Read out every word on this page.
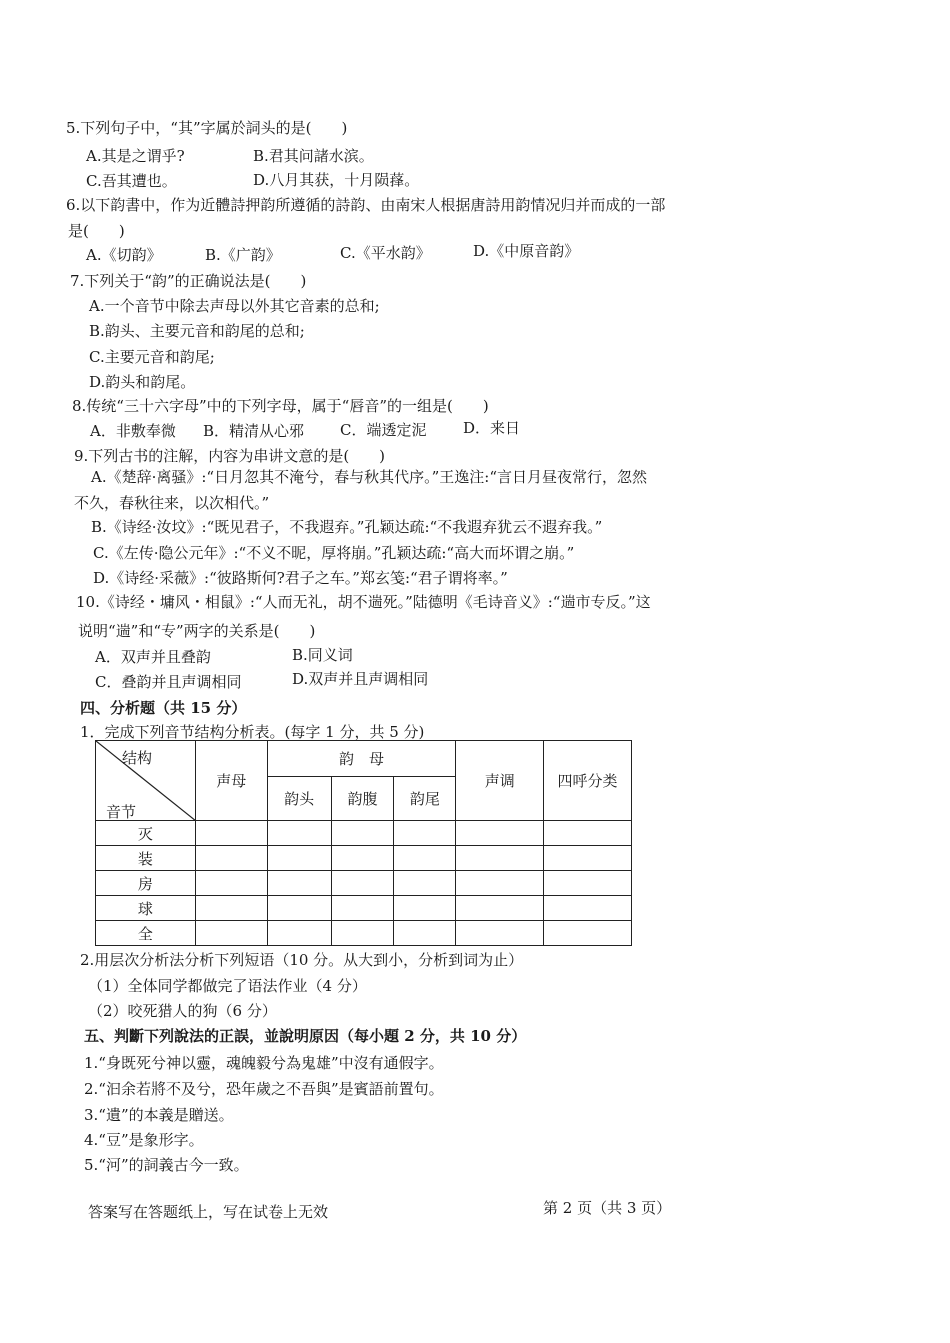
5.下列句子中，“其”字属於詞头的是(　　)
A.其是之谓乎?	B.君其问諸水滨。
C.吾其遭也。	D.八月其获，十月陨萚。
6.以下韵書中，作为近體詩押韵所遵循的詩韵、由南宋人根据唐詩用韵情况归并而成的一部
是(　　)
A.《切韵》	B.《广韵》	C.《平水韵》	D.《中原音韵》
7.下列关于“韵”的正确说法是(　　)
A.一个音节中除去声母以外其它音素的总和;
B.韵头、主要元音和韵尾的总和;
C.主要元音和韵尾;
D.韵头和韵尾。
8.传统“三十六字母”中的下列字母，属于“唇音”的一组是(　　)
A．非敷奉微 B．精清从心邪 C．端透定泥 D．来日
9.下列古书的注解，内容为串讲文意的是(　　)
A.《楚辞·离骚》:“日月忽其不淹兮，春与秋其代序。”王逸注:“言日月昼夜常行，忽然
不久，春秋往来，以次相代。”
B.《诗经·汝坟》:“既见君子，不我遐弃。”孔颖达疏:“不我遐弃犹云不遐弃我。”
C.《左传·隐公元年》:“不义不昵，厚将崩。”孔颖达疏:“高大而坏谓之崩。”
D.《诗经·采薇》:“彼路斯何?君子之车。”郑玄笺:“君子谓将率。”
10.《诗经・墉风・相鼠》:“人而无礼，胡不遄死。”陆德明《毛诗音义》:“遄市专反。”这
说明“遄”和“专”两字的关系是(　　)
A．双声并且叠韵	B.同义词
C．叠韵并且声调相同	D.双声并且声调相同
四、分析题（共 15 分）
1．完成下列音节结构分析表。(每字 1 分，共 5 分)
结构
音节	声母	韵　母			声调	四呼分类
		韵头	韵腹	韵尾		
灭						
装						
房						
球						
全						
2.用层次分析法分析下列短语（10 分。从大到小，分析到词为止）
（1）全体同学都做完了语法作业（4 分）
（2）咬死猎人的狗（6 分）
五、判斷下列說法的正誤，並說明原因（每小題 2 分，共 10 分）
1.“身既死兮神以靈，魂魄毅兮為鬼雄”中沒有通假字。
2.“汩余若將不及兮，恐年歲之不吾與”是賓語前置句。
3.“遺”的本義是贈送。
4.“豆”是象形字。
5.“河”的詞義古今一致。
答案写在答题纸上，写在试卷上无效	第 2 页（共 3 页）
